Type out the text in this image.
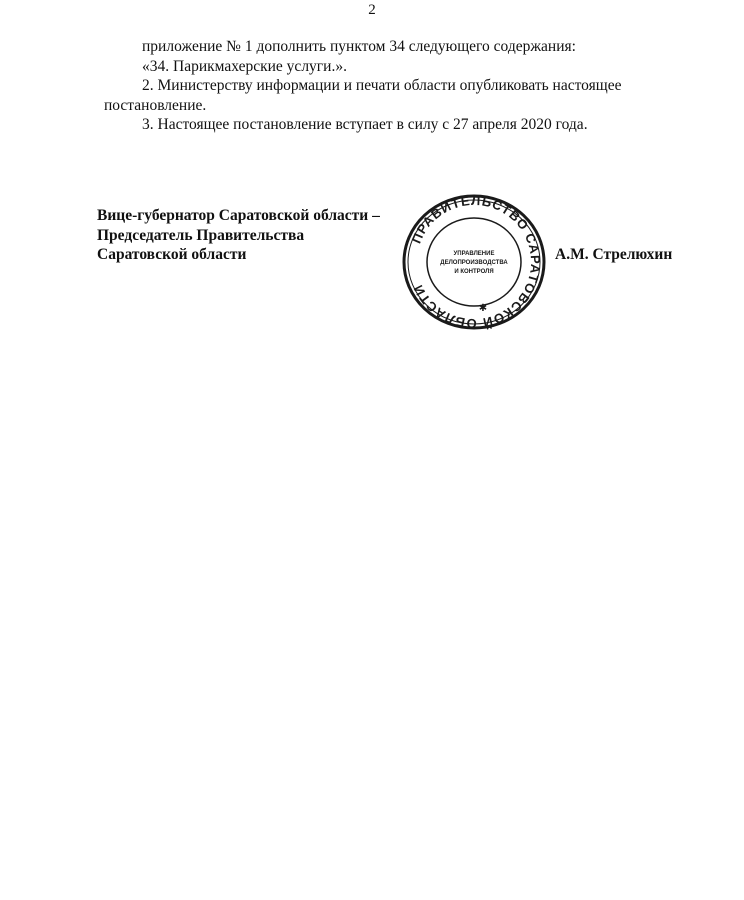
2

приложение № 1 дополнить пунктом 34 следующего содержания:

«34. Парикмахерские услуги.».

2. Министерству информации и печати области опубликовать настоящее постановление.

3. Настоящее постановление вступает в силу с 27 апреля 2020 года.

Вице-губернатор Саратовской области –
Председатель Правительства
Саратовской области
ПРАВИТЕЛЬСТВО САРАТОВСКОЙ ОБЛАСТИ
УПРАВЛЕНИЕ
ДЕЛОПРОИЗВОДСТВА
И КОНТРОЛЯ
✱
А.М. Стрелюхин
